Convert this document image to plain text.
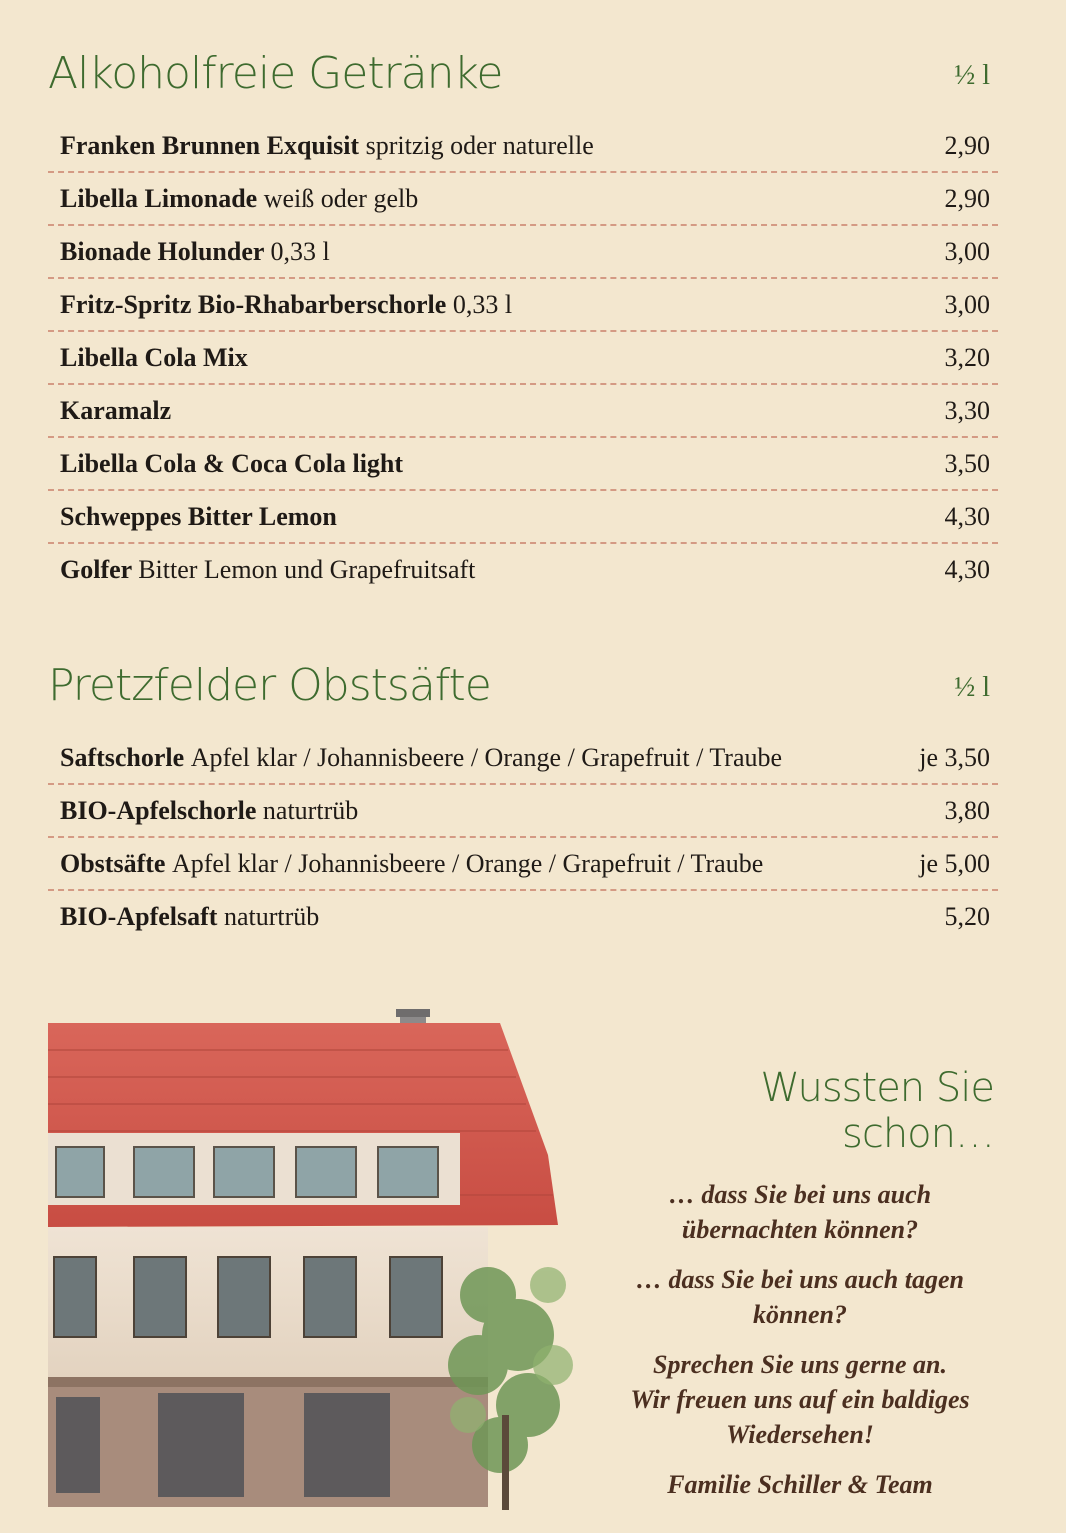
Alkoholfreie Getränke	½ l
Franken Brunnen Exquisit spritzig oder naturelle	2,90
Libella Limonade weiß oder gelb	2,90
Bionade Holunder 0,33 l	3,00
Fritz-Spritz Bio-Rhabarberschorle 0,33 l	3,00
Libella Cola Mix	3,20
Karamalz	3,30
Libella Cola & Coca Cola light	3,50
Schweppes Bitter Lemon	4,30
Golfer Bitter Lemon und Grapefruitsaft	4,30
Pretzfelder Obstsäfte	½ l
Saftschorle Apfel klar / Johannisbeere / Orange / Grapefruit / Traube	je 3,50
BIO-Apfelschorle naturtrüb	3,80
Obstsäfte Apfel klar / Johannisbeere / Orange / Grapefruit / Traube	je 5,00
BIO-Apfelsaft naturtrüb	5,20
Wussten Sie schon…

… dass Sie bei uns auch
übernachten können?

… dass Sie bei uns auch tagen
können?

Sprechen Sie uns gerne an.
Wir freuen uns auf ein baldiges
Wiedersehen!

Familie Schiller & Team
